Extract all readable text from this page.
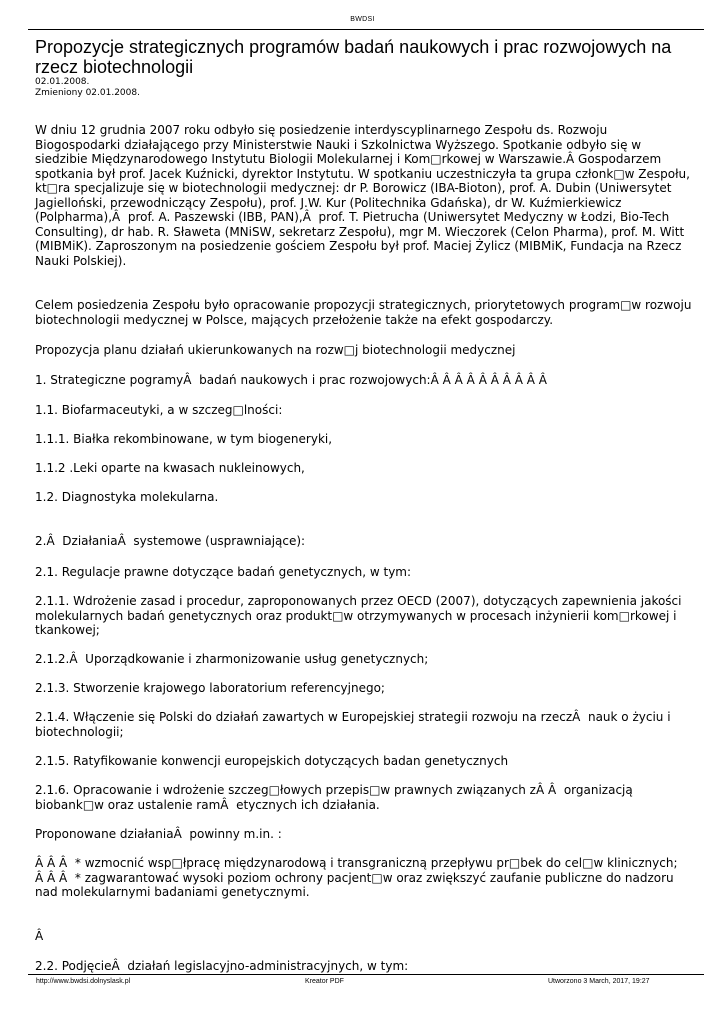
BWDSI
Propozycje strategicznych programów badań naukowych i prac rozwojowych na rzecz biotechnologii
02.01.2008.
Zmieniony 02.01.2008.

W dniu 12 grudnia 2007 roku odbyło się posiedzenie interdyscyplinarnego Zespołu ds. Rozwoju Biogospodarki działającego przy Ministerstwie Nauki i Szkolnictwa Wyższego. Spotkanie odbyło się w siedzibie Międzynarodowego Instytutu Biologii Molekularnej i Kom□rkowej w Warszawie.Â Gospodarzem spotkania był prof. Jacek Kuźnicki, dyrektor Instytutu. W spotkaniu uczestniczyła ta grupa członk□w Zespołu, kt□ra specjalizuje się w biotechnologii medycznej: dr P. Borowicz (IBA-Bioton), prof. A. Dubin (Uniwersytet Jagielloński, przewodniczący Zespołu), prof. J.W. Kur (Politechnika Gdańska), dr W. Kuźmierkiewicz (Polpharma),Â  prof. A. Paszewski (IBB, PAN),Â  prof. T. Pietrucha (Uniwersytet Medyczny w Łodzi, Bio-Tech Consulting), dr hab. R. Sławeta (MNiSW, sekretarz Zespołu), mgr M. Wieczorek (Celon Pharma), prof. M. Witt (MIBMiK). Zaproszonym na posiedzenie gościem Zespołu był prof. Maciej Żylicz (MIBMiK, Fundacja na Rzecz Nauki Polskiej).

Celem posiedzenia Zespołu było opracowanie propozycji strategicznych, priorytetowych program□w rozwoju biotechnologii medycznej w Polsce, mających przełożenie także na efekt gospodarczy.

Propozycja planu działań ukierunkowanych na rozw□j biotechnologii medycznej

1. Strategiczne pogramyÂ  badań naukowych i prac rozwojowych:Â Â Â Â Â Â Â Â Â Â

1.1. Biofarmaceutyki, a w szczeg□lności:

1.1.1. Białka rekombinowane, w tym biogeneryki,

1.1.2 .Leki oparte na kwasach nukleinowych,

1.2. Diagnostyka molekularna.

2.Â  DziałaniaÂ  systemowe (usprawniające):

2.1. Regulacje prawne dotyczące badań genetycznych, w tym:

2.1.1. Wdrożenie zasad i procedur, zaproponowanych przez OECD (2007), dotyczących zapewnienia jakości molekularnych badań genetycznych oraz produkt□w otrzymywanych w procesach inżynierii kom□rkowej i tkankowej;

2.1.2.Â  Uporządkowanie i zharmonizowanie usług genetycznych;

2.1.3. Stworzenie krajowego laboratorium referencyjnego;

2.1.4. Włączenie się Polski do działań zawartych w Europejskiej strategii rozwoju na rzeczÂ  nauk o życiu i biotechnologii;

2.1.5. Ratyfikowanie konwencji europejskich dotyczących badan genetycznych

2.1.6. Opracowanie i wdrożenie szczeg□łowych przepis□w prawnych związanych zÂ Â  organizacją biobank□w oraz ustalenie ramÂ  etycznych ich działania.

Proponowane działaniaÂ  powinny m.in. :

Â Â Â  * wzmocnić wsp□łpracę międzynarodową i transgraniczną przepływu pr□bek do cel□w klinicznych;
Â Â Â  * zagwarantować wysoki poziom ochrony pacjent□w oraz zwiększyć zaufanie publiczne do nadzoru nad molekularnymi badaniami genetycznymi.

Â

2.2. PodjęcieÂ  działań legislacyjno-administracyjnych, w tym:

http://www.bwdsi.dolnyslask.pl	Kreator PDF	Utworzono 3 March, 2017, 19:27
